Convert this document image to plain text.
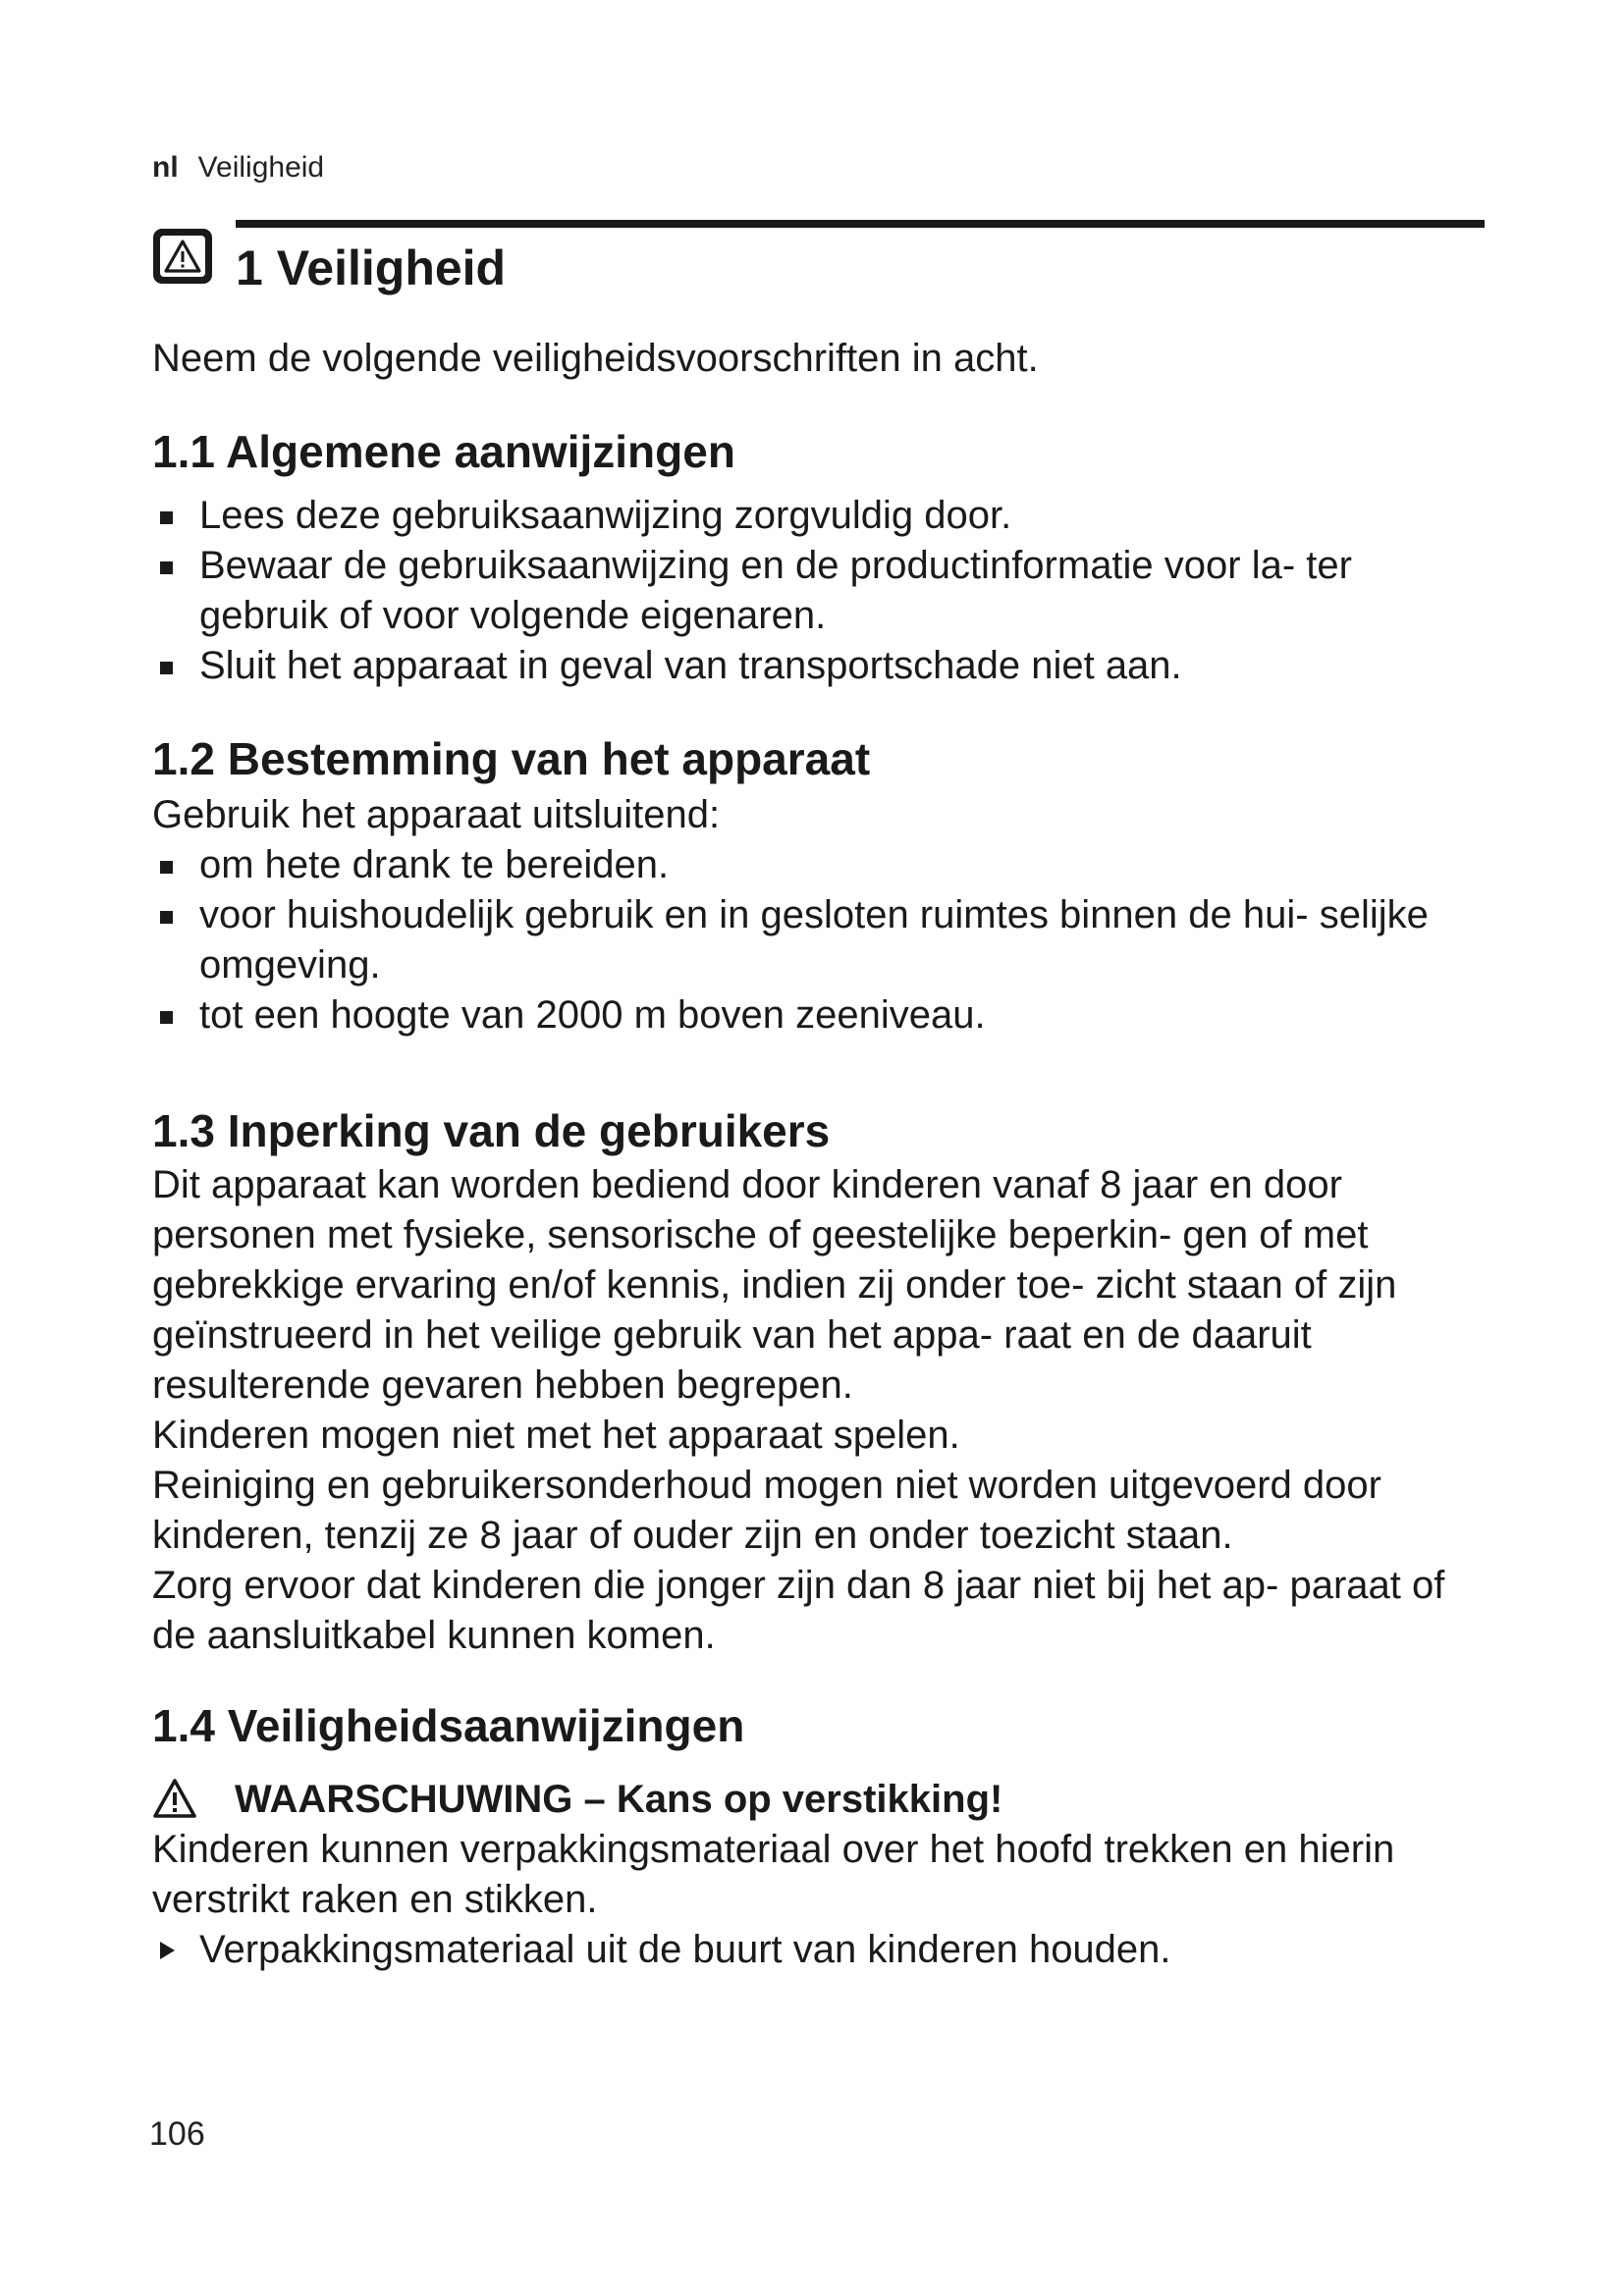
nl Veiligheid
1 Veiligheid

Neem de volgende veiligheidsvoorschriften in acht.

1.1 Algemene aanwijzingen
Lees deze gebruiksaanwijzing zorgvuldig door.
Bewaar de gebruiksaanwijzing en de productinformatie voor la- ter gebruik of voor volgende eigenaren.
Sluit het apparaat in geval van transportschade niet aan.
1.2 Bestemming van het apparaat

Gebruik het apparaat uitsluitend:

om hete drank te bereiden.
voor huishoudelijk gebruik en in gesloten ruimtes binnen de hui- selijke omgeving.
tot een hoogte van 2000 m boven zeeniveau.
1.3 Inperking van de gebruikers

Dit apparaat kan worden bediend door kinderen vanaf 8 jaar en door personen met fysieke, sensorische of geestelijke beperkin- gen of met gebrekkige ervaring en/of kennis, indien zij onder toe- zicht staan of zijn geïnstrueerd in het veilige gebruik van het appa- raat en de daaruit resulterende gevaren hebben begrepen.

Kinderen mogen niet met het apparaat spelen.

Reiniging en gebruikersonderhoud mogen niet worden uitgevoerd door kinderen, tenzij ze 8 jaar of ouder zijn en onder toezicht staan.

Zorg ervoor dat kinderen die jonger zijn dan 8 jaar niet bij het ap- paraat of de aansluitkabel kunnen komen.

1.4 Veiligheidsaanwijzingen
WAARSCHUWING – Kans op verstikking!

Kinderen kunnen verpakkingsmateriaal over het hoofd trekken en hierin verstrikt raken en stikken.

Verpakkingsmateriaal uit de buurt van kinderen houden.
106
